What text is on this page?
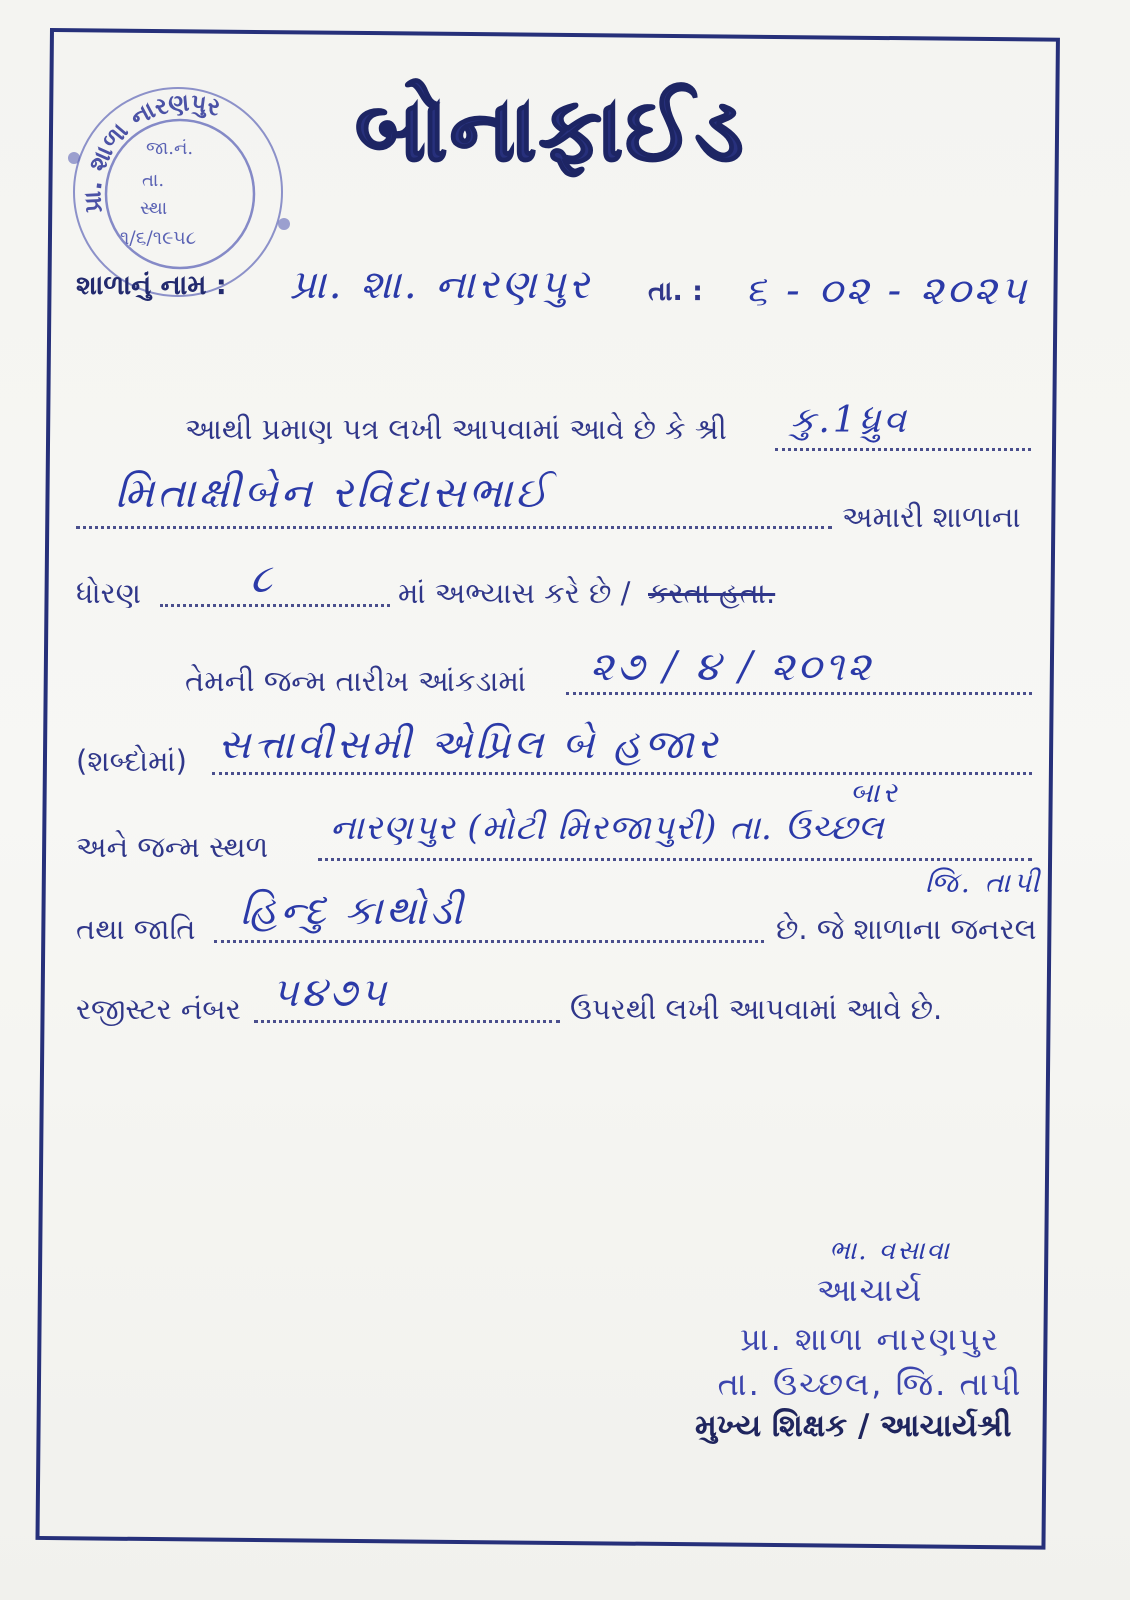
પ્રા. શાળા નારણપુર
જા.નં.
તા.
સ્થા
૧/૬/૧૯૫૮
બોનાફાઈડ
શાળાનું નામ : પ્રા. શા. નારણપુર તા. : ૬ - ૦૨ - ૨૦૨૫
આથી પ્રમાણ પત્ર લખી આપવામાં આવે છે કે શ્રી કુ.1ધ્રુવ
મિતાક્ષીબેન રવિદાસભાઈ	અમારી શાળાના
ધોરણ	૮	માં અભ્યાસ કરે છે / કરતા હતા.
તેમની જન્મ તારીખ આંકડામાં ૨૭ / ૪ / ૨૦૧૨
(શબ્દોમાં) સત્તાવીસમી એપ્રિલ બે હજાર
બાર
અને જન્મ સ્થળ નારણપુર (મોટી મિરજાપુરી) તા. ઉચ્છલ
જિ. તાપી
તથા જાતિ હિન્દુ કાથોડી	છે. જે શાળાના જનરલ
રજીસ્ટર નંબર ૫૪૭૫	ઉપરથી લખી આપવામાં આવે છે.
ભા. વસાવા
આચાર્ય
પ્રા. શાળા નારણપુર
તા. ઉચ્છલ, જિ. તાપી
મુખ્ય શિક્ષક / આચાર્યશ્રી
